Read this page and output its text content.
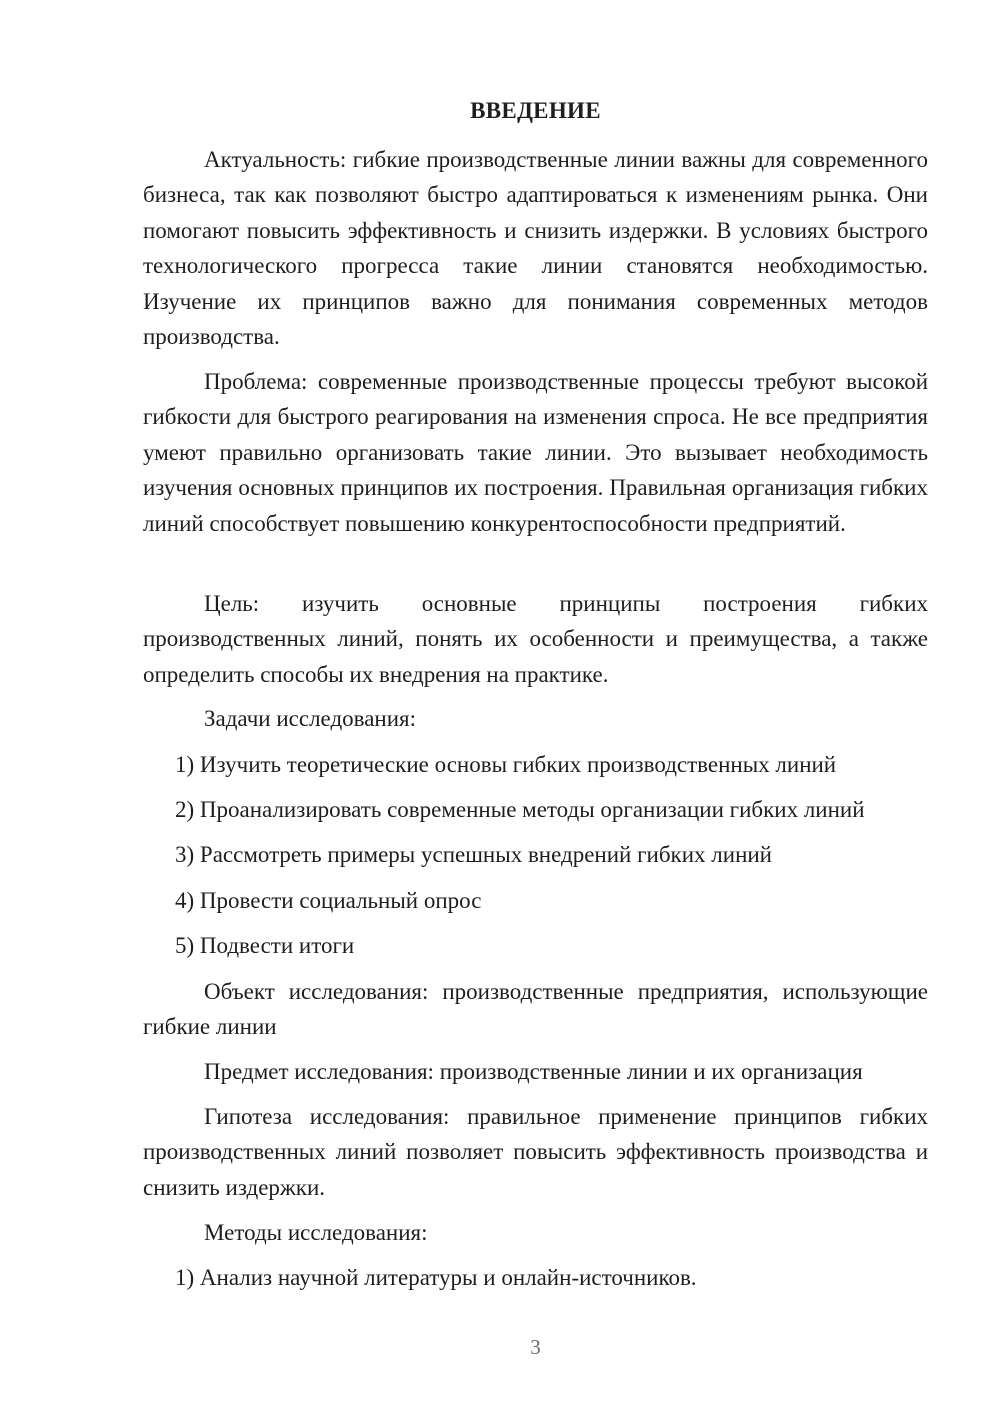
ВВЕДЕНИЕ

Актуальность: гибкие производственные линии важны для современного бизнеса, так как позволяют быстро адаптироваться к изменениям рынка. Они помогают повысить эффективность и снизить издержки. В условиях быстрого технологического прогресса такие линии становятся необходимостью. Изучение их принципов важно для понимания современных методов производства.

Проблема: современные производственные процессы требуют высокой гибкости для быстрого реагирования на изменения спроса. Не все предприятия умеют правильно организовать такие линии. Это вызывает необходимость изучения основных принципов их построения. Правильная организация гибких линий способствует повышению конкурентоспособности предприятий.

Цель: изучить основные принципы построения гибких производственных линий, понять их особенности и преимущества, а также определить способы их внедрения на практике.

Задачи исследования:
1) Изучить теоретические основы гибких производственных линий
2) Проанализировать современные методы организации гибких линий
3) Рассмотреть примеры успешных внедрений гибких линий
4) Провести социальный опрос
5) Подвести итоги

Объект исследования: производственные предприятия, использующие гибкие линии

Предмет исследования: производственные линии и их организация

Гипотеза исследования: правильное применение принципов гибких производственных линий позволяет повысить эффективность производства и снизить издержки.

Методы исследования:
1) Анализ научной литературы и онлайн-источников.
3
